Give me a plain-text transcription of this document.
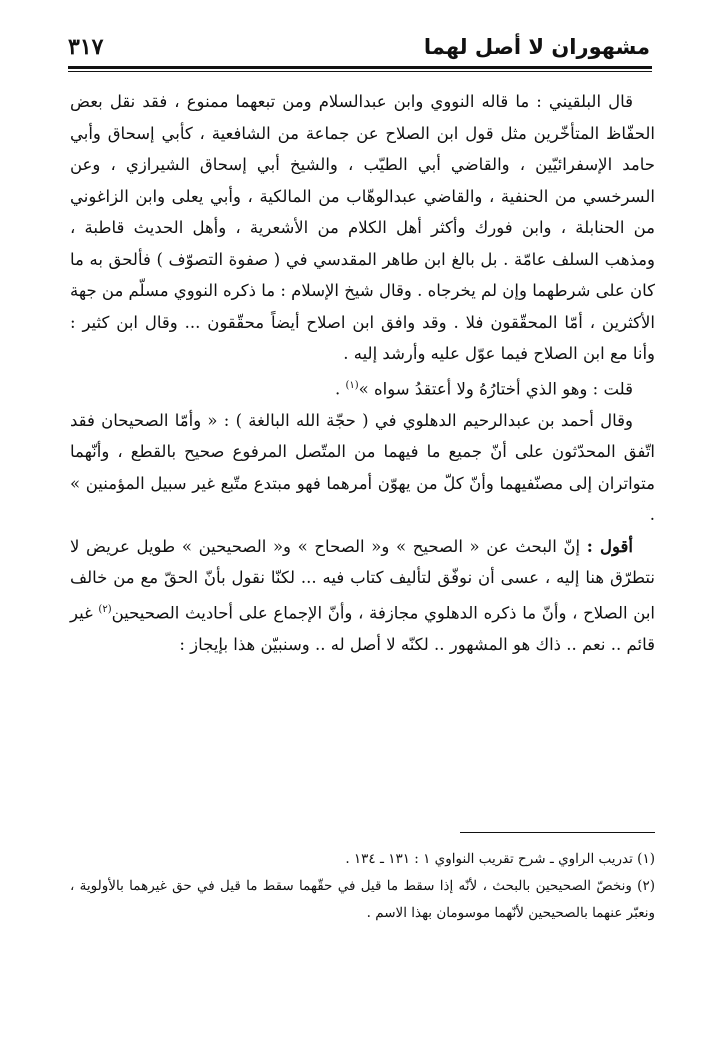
مشهوران لا أصل لهما
٣١٧

قال البلقيني : ما قاله النووي وابن عبدالسلام ومن تبعهما ممنوع ، فقد نقل بعض الحفّاظ المتأخّرين مثل قول ابن الصلاح عن جماعة من الشافعية ، كأبي إسحاق وأبي حامد الإسفرائيّين ، والقاضي أبي الطيّب ، والشيخ أبي إسحاق الشيرازي ، وعن السرخسي من الحنفية ، والقاضي عبدالوهّاب من المالكية ، وأبي يعلى وابن الزاغوني من الحنابلة ، وابن فورك وأكثر أهل الكلام من الأشعرية ، وأهل الحديث قاطبة ، ومذهب السلف عامّة . بل بالغ ابن طاهر المقدسي في ( صفوة التصوّف ) فألحق به ما كان على شرطهما وإن لم يخرجاه . وقال شيخ الإسلام : ما ذكره النووي مسلّم من جهة الأكثرين ، أمّا المحقّقون فلا . وقد وافق ابن اصلاح أيضاً محقّقون ... وقال ابن كثير : وأنا مع ابن الصلاح فيما عوّل عليه وأرشد إليه .

قلت : وهو الذي أختارُهُ ولا أعتقدُ سواه »$^{(١)}$ .

وقال أحمد بن عبدالرحيم الدهلوي في ( حجّة الله البالغة ) : « وأمّا الصحيحان فقد اتّفق المحدّثون على أنّ جميع ما فيهما من المتّصل المرفوع صحيح بالقطع ، وأنّهما متواتران إلى مصنّفيهما وأنّ كلّ من يهوّن أمرهما فهو مبتدع متّبع غير سبيل المؤمنين » .

أقول : إنّ البحث عن « الصحيح » و« الصحاح » و« الصحيحين » طويل عريض لا نتطرّق هنا إليه ، عسى أن نوفّق لتأليف كتاب فيه ... لكنّا نقول بأنّ الحقّ مع من خالف ابن الصلاح ، وأنّ ما ذكره الدهلوي مجازفة ، وأنّ الإجماع على أحاديث الصحيحين$^{(٢)}$ غير قائم .. نعم .. ذاك هو المشهور .. لكنّه لا أصل له .. وسنبيّن هذا بإيجاز :

(١) تدريب الراوي ـ شرح تقريب النواوي ١ : ١٣١ ـ ١٣٤ .

(٢) ونخصّ الصحيحين بالبحث ، لأنّه إذا سقط ما قيل في حقّهما سقط ما قيل في حق غيرهما بالأولوية ، ونعبّر عنهما بالصحيحين لأنّهما موسومان بهذا الاسم .
